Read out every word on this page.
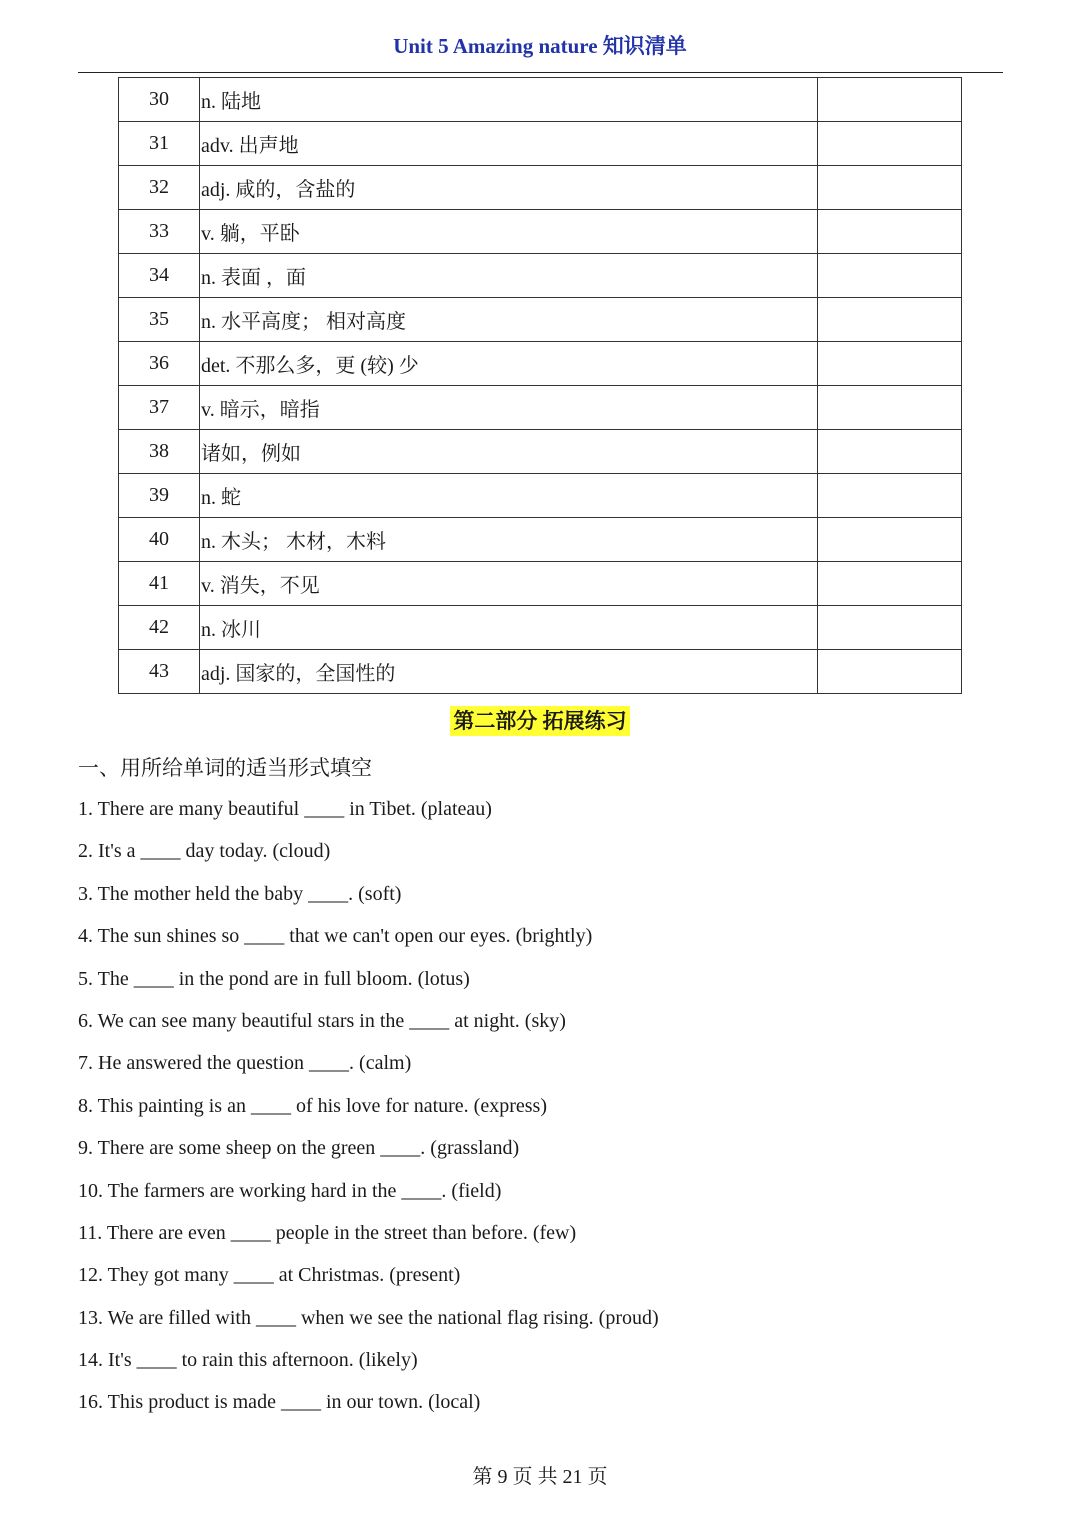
Unit 5 Amazing nature 知识清单
30	n. 陆地	
31	adv. 出声地	
32	adj. 咸的，含盐的	
33	v. 躺，平卧	
34	n. 表面 ，面	
35	n. 水平高度； 相对高度	
36	det. 不那么多，更 (较) 少	
37	v. 暗示，暗指	
38	诸如，例如	
39	n. 蛇	
40	n. 木头； 木材，木料	
41	v. 消失，不见	
42	n. 冰川	
43	adj. 国家的，全国性的	
第二部分 拓展练习
一、用所给单词的适当形式填空
1. There are many beautiful ____ in Tibet. (plateau)
2. It's a ____ day today. (cloud)
3. The mother held the baby ____. (soft)
4. The sun shines so ____ that we can't open our eyes. (brightly)
5. The ____ in the pond are in full bloom. (lotus)
6. We can see many beautiful stars in the ____ at night. (sky)
7. He answered the question ____. (calm)
8. This painting is an ____ of his love for nature. (express)
9. There are some sheep on the green ____. (grassland)
10. The farmers are working hard in the ____. (field)
11. There are even ____ people in the street than before. (few)
12. They got many ____ at Christmas. (present)
13. We are filled with ____ when we see the national flag rising. (proud)
14. It's ____ to rain this afternoon. (likely)
16. This product is made ____ in our town. (local)
第 9 页 共 21 页
